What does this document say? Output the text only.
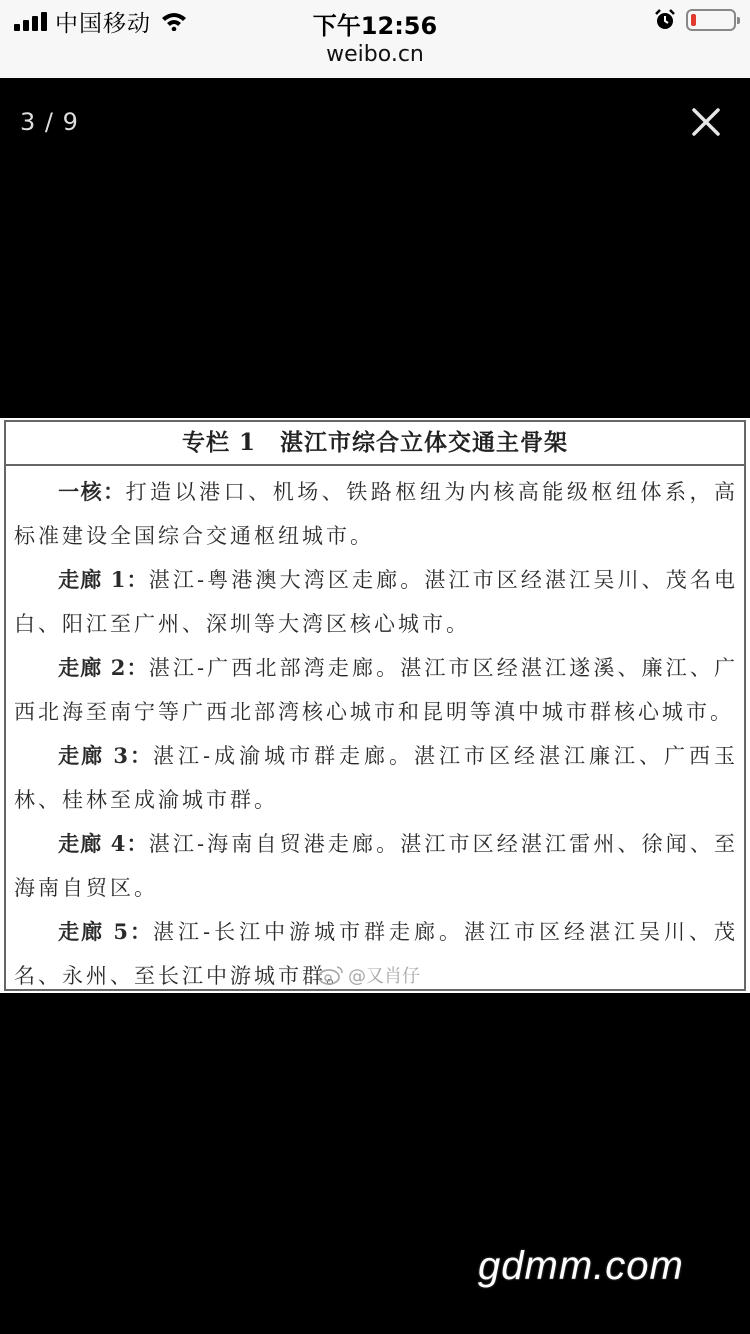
中国移动	下午12:56
weibo.cn
3 / 9
专栏 1　湛江市综合立体交通主骨架

一核：打造以港口、机场、铁路枢纽为内核高能级枢纽体系，高标准建设全国综合交通枢纽城市。

走廊 1：湛江-粤港澳大湾区走廊。湛江市区经湛江吴川、茂名电白、阳江至广州、深圳等大湾区核心城市。

走廊 2：湛江-广西北部湾走廊。湛江市区经湛江遂溪、廉江、广西北海至南宁等广西北部湾核心城市和昆明等滇中城市群核心城市。

走廊 3：湛江-成渝城市群走廊。湛江市区经湛江廉江、广西玉林、桂林至成渝城市群。

走廊 4：湛江-海南自贸港走廊。湛江市区经湛江雷州、徐闻、至海南自贸区。

走廊 5：湛江-长江中游城市群走廊。湛江市区经湛江吴川、茂名、永州、至长江中游城市群。

@又肖仔
gdmm.com
